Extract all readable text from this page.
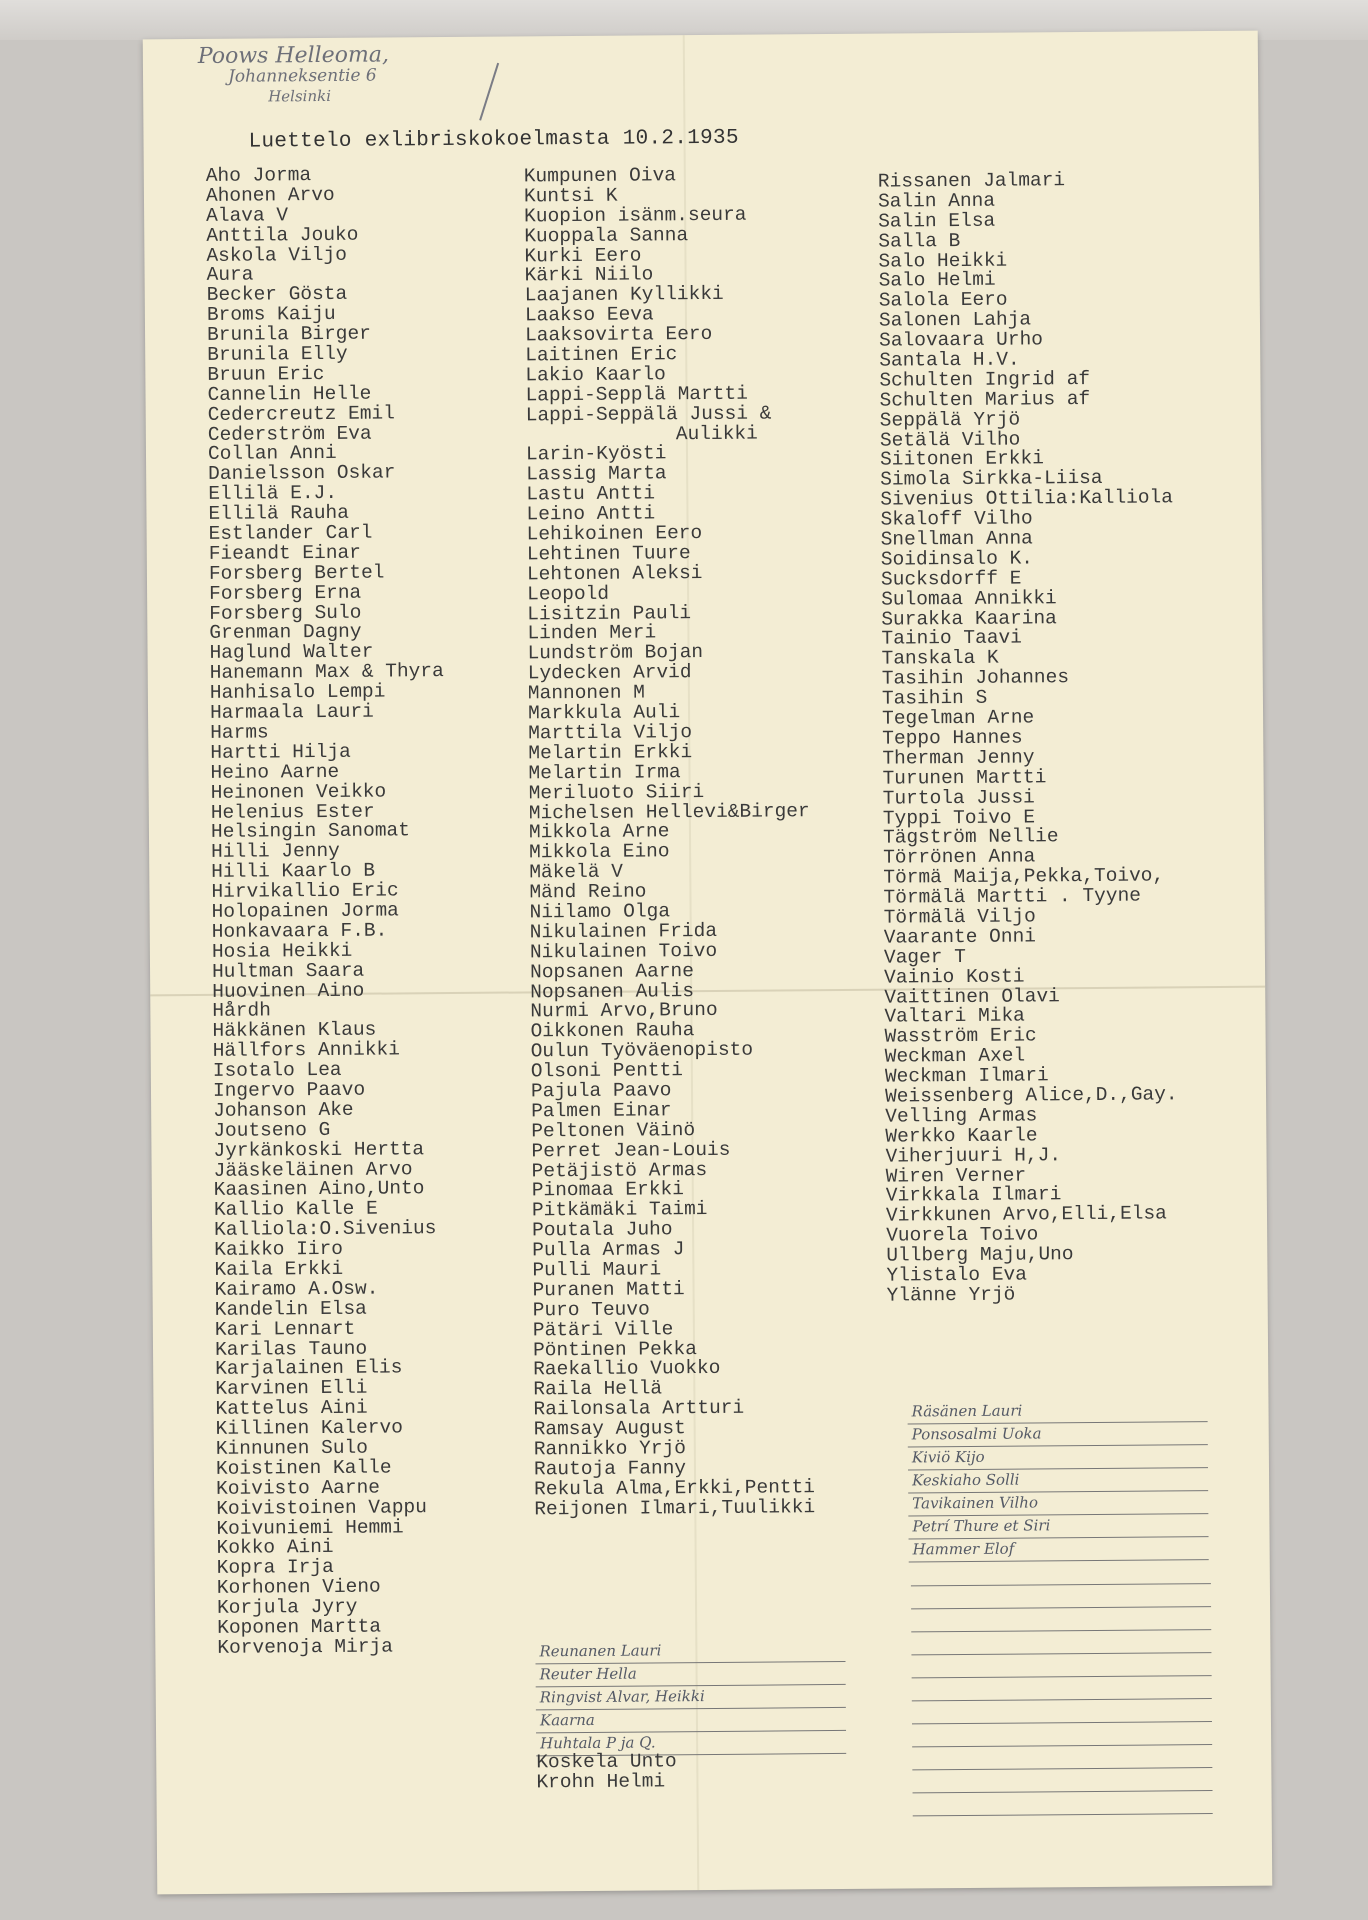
Poows Helleoma,
Johanneksentie 6
Helsinki
Luettelo exlibriskokoelmasta 10.2.1935
Aho Jorma
Ahonen Arvo
Alava V
Anttila Jouko
Askola Viljo
Aura
Becker Gösta
Broms Kaiju
Brunila Birger
Brunila Elly
Bruun Eric
Cannelin Helle
Cedercreutz Emil
Cederström Eva
Collan Anni
Danielsson Oskar
Ellilä E.J.
Ellilä Rauha
Estlander Carl
Fieandt Einar
Forsberg Bertel
Forsberg Erna
Forsberg Sulo
Grenman Dagny
Haglund Walter
Hanemann Max & Thyra
Hanhisalo Lempi
Harmaala Lauri
Harms
Hartti Hilja
Heino Aarne
Heinonen Veikko
Helenius Ester
Helsingin Sanomat
Hilli Jenny
Hilli Kaarlo B
Hirvikallio Eric
Holopainen Jorma
Honkavaara F.B.
Hosia Heikki
Hultman Saara
Huovinen Aino
Hårdh
Häkkänen Klaus
Hällfors Annikki
Isotalo Lea
Ingervo Paavo
Johanson Ake
Joutseno G
Jyrkänkoski Hertta
Jääskeläinen Arvo
Kaasinen Aino,Unto
Kallio Kalle E
Kalliola:O.Sivenius
Kaikko Iiro
Kaila Erkki
Kairamo A.Osw.
Kandelin Elsa
Kari Lennart
Karilas Tauno
Karjalainen Elis
Karvinen Elli
Kattelus Aini
Killinen Kalervo
Kinnunen Sulo
Koistinen Kalle
Koivisto Aarne
Koivistoinen Vappu
Koivuniemi Hemmi
Kokko Aini
Kopra Irja
Korhonen Vieno
Korjula Jyry
Koponen Martta
Korvenoja Mirja
Kumpunen Oiva
Kuntsi K
Kuopion isänm.seura
Kuoppala Sanna
Kurki Eero
Kärki Niilo
Laajanen Kyllikki
Laakso Eeva
Laaksovirta Eero
Laitinen Eric
Lakio Kaarlo
Lappi-Sepplä Martti
Lappi-Seppälä Jussi &
Aulikki
Larin-Kyösti
Lassig Marta
Lastu Antti
Leino Antti
Lehikoinen Eero
Lehtinen Tuure
Lehtonen Aleksi
Leopold
Lisitzin Pauli
Linden Meri
Lundström Bojan
Lydecken Arvid
Mannonen M
Markkula Auli
Marttila Viljo
Melartin Erkki
Melartin Irma
Meriluoto Siiri
Michelsen Hellevi&Birger
Mikkola Arne
Mikkola Eino
Mäkelä V
Mänd Reino
Niilamo Olga
Nikulainen Frida
Nikulainen Toivo
Nopsanen Aarne
Nopsanen Aulis
Nurmi Arvo,Bruno
Oikkonen Rauha
Oulun Työväenopisto
Olsoni Pentti
Pajula Paavo
Palmen Einar
Peltonen Väinö
Perret Jean-Louis
Petäjistö Armas
Pinomaa Erkki
Pitkämäki Taimi
Poutala Juho
Pulla Armas J
Pulli Mauri
Puranen Matti
Puro Teuvo
Pätäri Ville
Pöntinen Pekka
Raekallio Vuokko
Raila Hellä
Railonsala Artturi
Ramsay August
Rannikko Yrjö
Rautoja Fanny
Rekula Alma,Erkki,Pentti
Reijonen Ilmari,Tuulikki
Reunanen Lauri
Reuter Hella
Ringvist Alvar, Heikki
Kaarna
Huhtala P ja Q.
Koskela Unto
Krohn Helmi
Rissanen Jalmari
Salin Anna
Salin Elsa
Salla B
Salo Heikki
Salo Helmi
Salola Eero
Salonen Lahja
Salovaara Urho
Santala H.V.
Schulten Ingrid af
Schulten Marius af
Seppälä Yrjö
Setälä Vilho
Siitonen Erkki
Simola Sirkka-Liisa
Sivenius Ottilia:Kalliola
Skaloff Vilho
Snellman Anna
Soidinsalo K.
Sucksdorff E
Sulomaa Annikki
Surakka Kaarina
Tainio Taavi
Tanskala K
Tasihin Johannes
Tasihin S
Tegelman Arne
Teppo Hannes
Therman Jenny
Turunen Martti
Turtola Jussi
Typpi Toivo E
Tägström Nellie
Törrönen Anna
Törmä Maija,Pekka,Toivo,
Törmälä Martti . Tyyne
Törmälä Viljo
Vaarante Onni
Vager T
Vainio Kosti
Vaittinen Olavi
Valtari Mika
Wasström Eric
Weckman Axel
Weckman Ilmari
Weissenberg Alice,D.,Gay.
Velling Armas
Werkko Kaarle
Viherjuuri H,J.
Wiren Verner
Virkkala Ilmari
Virkkunen Arvo,Elli,Elsa
Vuorela Toivo
Ullberg Maju,Uno
Ylistalo Eva
Ylänne Yrjö
Räsänen Lauri
Ponsosalmi Uoka
Kiviö Kijo
Keskiaho Solli
Tavikainen Vilho
Petrí Thure et Siri
Hammer Elof
